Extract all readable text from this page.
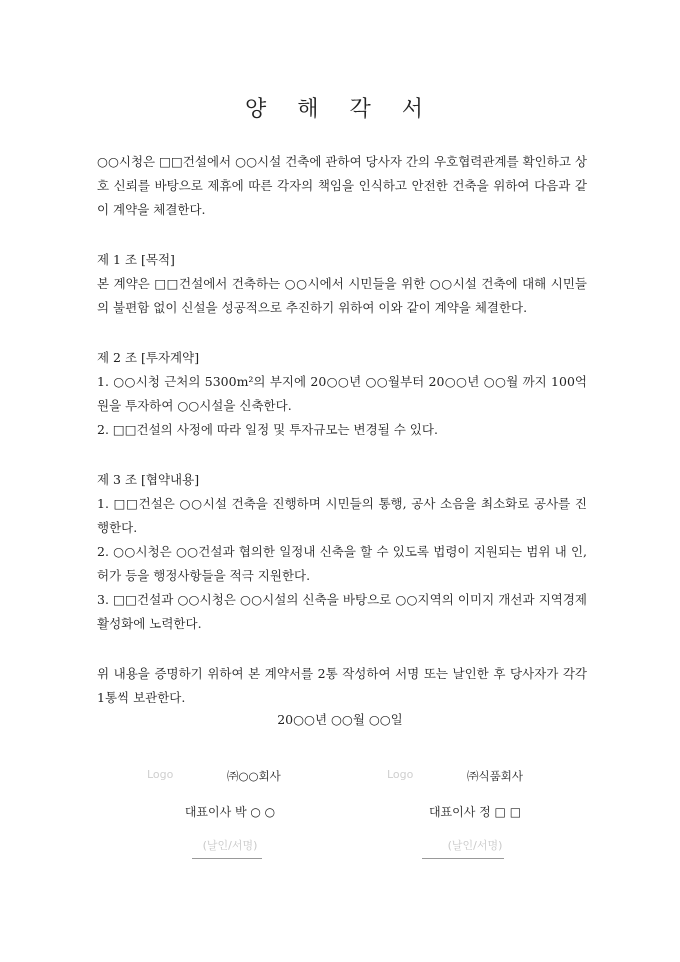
양 해 각 서

○○시청은 □□건설에서 ○○시설 건축에 관하여 당사자 간의 우호협력관계를 확인하고 상호 신뢰를 바탕으로 제휴에 따른 각자의 책임을 인식하고 안전한 건축을 위하여 다음과 같이 계약을 체결한다.

제 1 조 [목적]

본 계약은 □□건설에서 건축하는 ○○시에서 시민들을 위한 ○○시설 건축에 대해 시민들의 불편함 없이 신설을 성공적으로 추진하기 위하여 이와 같이 계약을 체결한다.

제 2 조 [투자계약]

1. ○○시청 근처의 5300m²의 부지에 20○○년 ○○월부터 20○○년 ○○월 까지 100억 원을 투자하여 ○○시설을 신축한다.

2. □□건설의 사정에 따라 일정 및 투자규모는 변경될 수 있다.

제 3 조 [협약내용]

1. □□건설은 ○○시설 건축을 진행하며 시민들의 통행, 공사 소음을 최소화로 공사를 진행한다.

2. ○○시청은 ○○건설과 협의한 일정내 신축을 할 수 있도록 법령이 지원되는 범위 내 인, 허가 등을 행정사항들을 적극 지원한다.

3. □□건설과 ○○시청은 ○○시설의 신축을 바탕으로 ○○지역의 이미지 개선과 지역경제 활성화에 노력한다.

위 내용을 증명하기 위하여 본 계약서를 2통 작성하여 서명 또는 날인한 후 당사자가 각각 1통씩 보관한다.

20○○년 ○○월 ○○일
Logo	㈜○○회사
대표이사 박 ○ ○
(날인/서명)
Logo	㈜식품회사
대표이사 정 □ □
(날인/서명)
